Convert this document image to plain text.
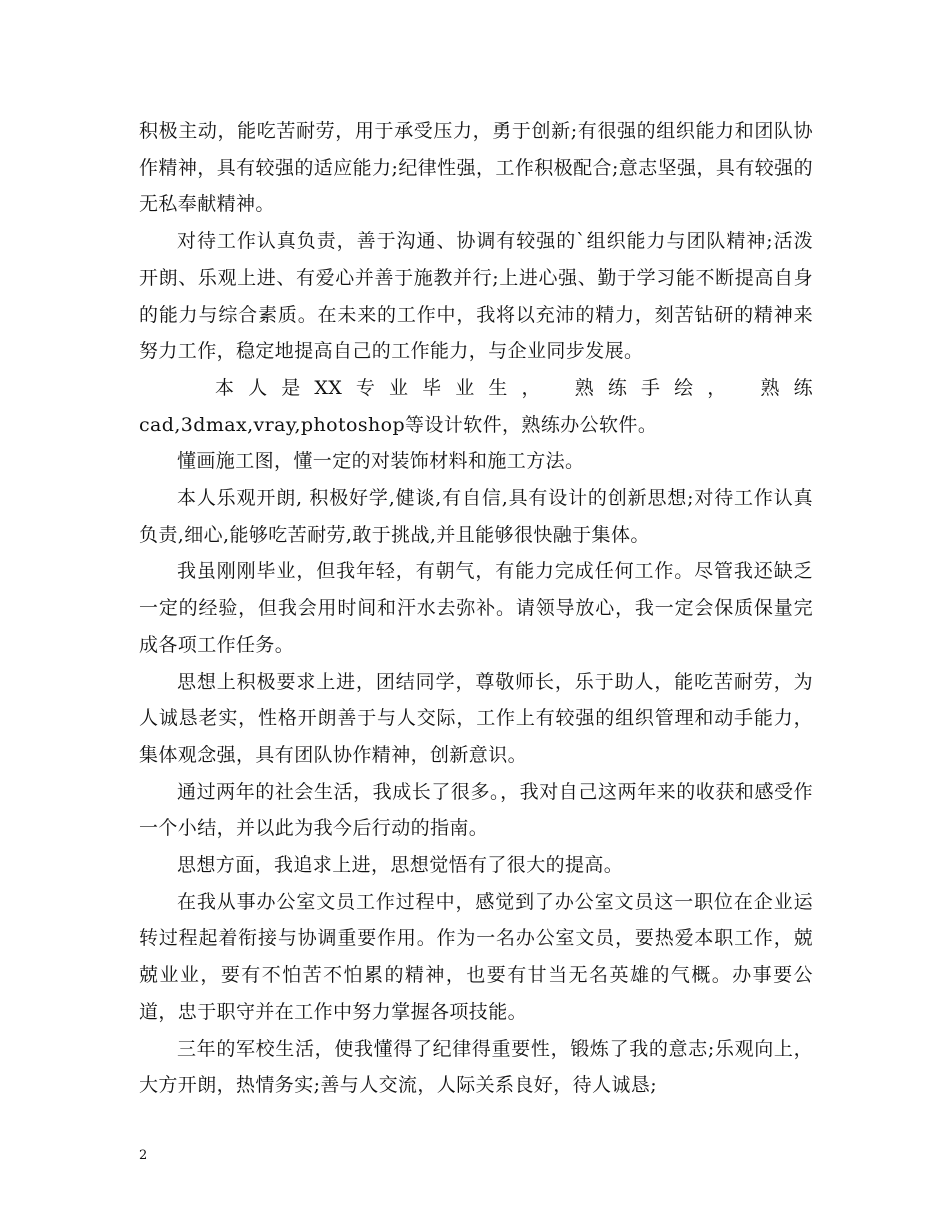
积极主动，能吃苦耐劳，用于承受压力，勇于创新;有很强的组织能力和团队协作精神，具有较强的适应能力;纪律性强，工作积极配合;意志坚强，具有较强的无私奉献精神。

对待工作认真负责，善于沟通、协调有较强的`组织能力与团队精神;活泼开朗、乐观上进、有爱心并善于施教并行;上进心强、勤于学习能不断提高自身的能力与综合素质。在未来的工作中，我将以充沛的精力，刻苦钻研的精神来努力工作，稳定地提高自己的工作能力，与企业同步发展。

本人是XX专业毕业生， 熟练手绘， 熟练cad,3dmax,vray,photoshop等设计软件，熟练办公软件。

懂画施工图，懂一定的对装饰材料和施工方法。

本人乐观开朗, 积极好学,健谈,有自信,具有设计的创新思想;对待工作认真负责,细心,能够吃苦耐劳,敢于挑战,并且能够很快融于集体。

我虽刚刚毕业，但我年轻，有朝气，有能力完成任何工作。尽管我还缺乏一定的经验，但我会用时间和汗水去弥补。请领导放心，我一定会保质保量完成各项工作任务。

思想上积极要求上进，团结同学，尊敬师长，乐于助人，能吃苦耐劳，为人诚恳老实，性格开朗善于与人交际，工作上有较强的组织管理和动手能力，集体观念强，具有团队协作精神，创新意识。

通过两年的社会生活，我成长了很多。，我对自己这两年来的收获和感受作一个小结，并以此为我今后行动的指南。

思想方面，我追求上进，思想觉悟有了很大的提高。

在我从事办公室文员工作过程中，感觉到了办公室文员这一职位在企业运转过程起着衔接与协调重要作用。作为一名办公室文员，要热爱本职工作，兢兢业业，要有不怕苦不怕累的精神，也要有甘当无名英雄的气概。办事要公道，忠于职守并在工作中努力掌握各项技能。

三年的军校生活，使我懂得了纪律得重要性，锻炼了我的意志;乐观向上，大方开朗，热情务实;善与人交流，人际关系良好，待人诚恳;

2
